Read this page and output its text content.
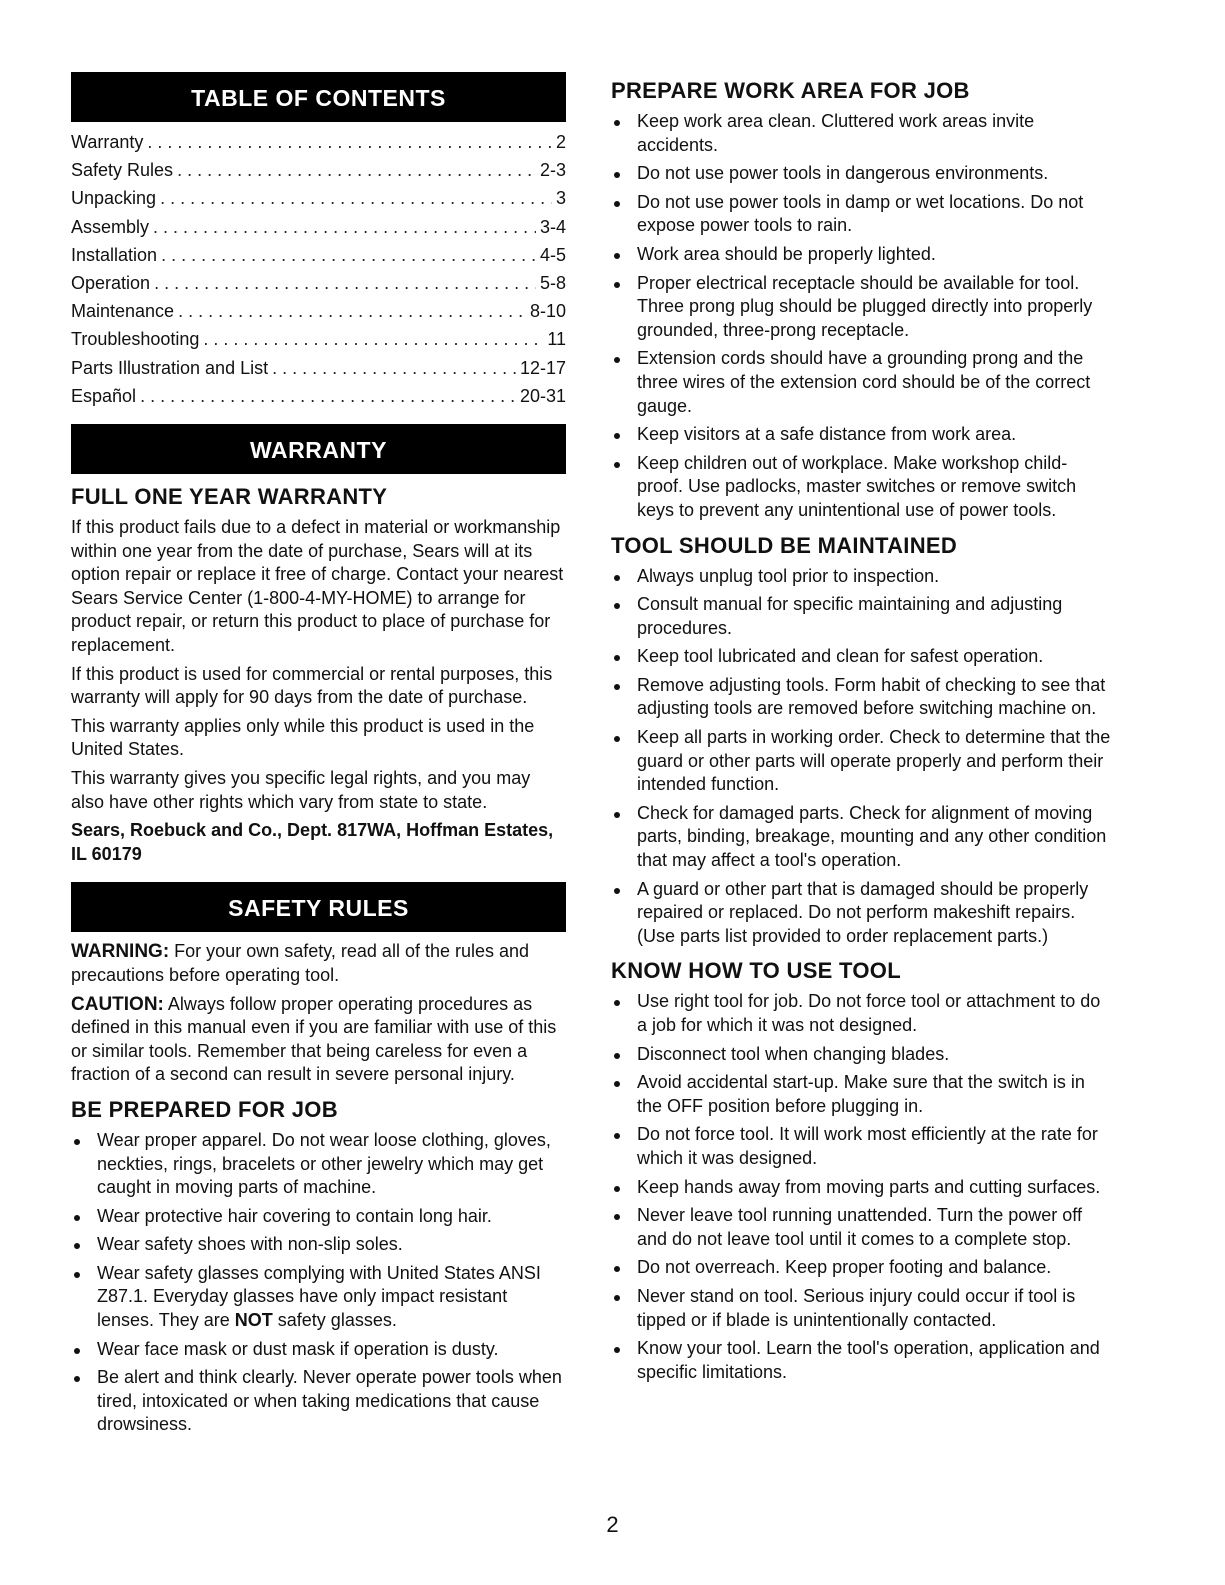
TABLE OF CONTENTS
Warranty . . .	2
Safety Rules . . .	2-3
Unpacking . . .	3
Assembly . . .	3-4
Installation . . .	4-5
Operation . . .	5-8
Maintenance . . .	8-10
Troubleshooting . . .	11
Parts Illustration and List . . .	12-17
Español . . .	20-31
WARRANTY
FULL ONE YEAR WARRANTY

If this product fails due to a defect in material or workmanship within one year from the date of purchase, Sears will at its option repair or replace it free of charge. Contact your nearest Sears Service Center (1-800-4-MY-HOME) to arrange for product repair, or return this product to place of purchase for replacement.

If this product is used for commercial or rental purposes, this warranty will apply for 90 days from the date of purchase.

This warranty applies only while this product is used in the United States.

This warranty gives you specific legal rights, and you may also have other rights which vary from state to state.

Sears, Roebuck and Co., Dept. 817WA, Hoffman Estates, IL 60179

SAFETY RULES

WARNING: For your own safety, read all of the rules and precautions before operating tool.

CAUTION: Always follow proper operating procedures as defined in this manual even if you are familiar with use of this or similar tools. Remember that being careless for even a fraction of a second can result in severe personal injury.

BE PREPARED FOR JOB
Wear proper apparel. Do not wear loose clothing, gloves, neckties, rings, bracelets or other jewelry which may get caught in moving parts of machine.
Wear protective hair covering to contain long hair.
Wear safety shoes with non-slip soles.
Wear safety glasses complying with United States ANSI Z87.1. Everyday glasses have only impact resistant lenses. They are NOT safety glasses.
Wear face mask or dust mask if operation is dusty.
Be alert and think clearly. Never operate power tools when tired, intoxicated or when taking medications that cause drowsiness.
PREPARE WORK AREA FOR JOB
Keep work area clean. Cluttered work areas invite accidents.
Do not use power tools in dangerous environments.
Do not use power tools in damp or wet locations. Do not expose power tools to rain.
Work area should be properly lighted.
Proper electrical receptacle should be available for tool. Three prong plug should be plugged directly into properly grounded, three-prong receptacle.
Extension cords should have a grounding prong and the three wires of the extension cord should be of the correct gauge.
Keep visitors at a safe distance from work area.
Keep children out of workplace. Make workshop child-proof. Use padlocks, master switches or remove switch keys to prevent any unintentional use of power tools.
TOOL SHOULD BE MAINTAINED
Always unplug tool prior to inspection.
Consult manual for specific maintaining and adjusting procedures.
Keep tool lubricated and clean for safest operation.
Remove adjusting tools. Form habit of checking to see that adjusting tools are removed before switching machine on.
Keep all parts in working order. Check to determine that the guard or other parts will operate properly and perform their intended function.
Check for damaged parts. Check for alignment of moving parts, binding, breakage, mounting and any other condition that may affect a tool's operation.
A guard or other part that is damaged should be properly repaired or replaced. Do not perform makeshift repairs. (Use parts list provided to order replacement parts.)
KNOW HOW TO USE TOOL
Use right tool for job. Do not force tool or attachment to do a job for which it was not designed.
Disconnect tool when changing blades.
Avoid accidental start-up. Make sure that the switch is in the OFF position before plugging in.
Do not force tool. It will work most efficiently at the rate for which it was designed.
Keep hands away from moving parts and cutting surfaces.
Never leave tool running unattended. Turn the power off and do not leave tool until it comes to a complete stop.
Do not overreach. Keep proper footing and balance.
Never stand on tool. Serious injury could occur if tool is tipped or if blade is unintentionally contacted.
Know your tool. Learn the tool's operation, application and specific limitations.
2
